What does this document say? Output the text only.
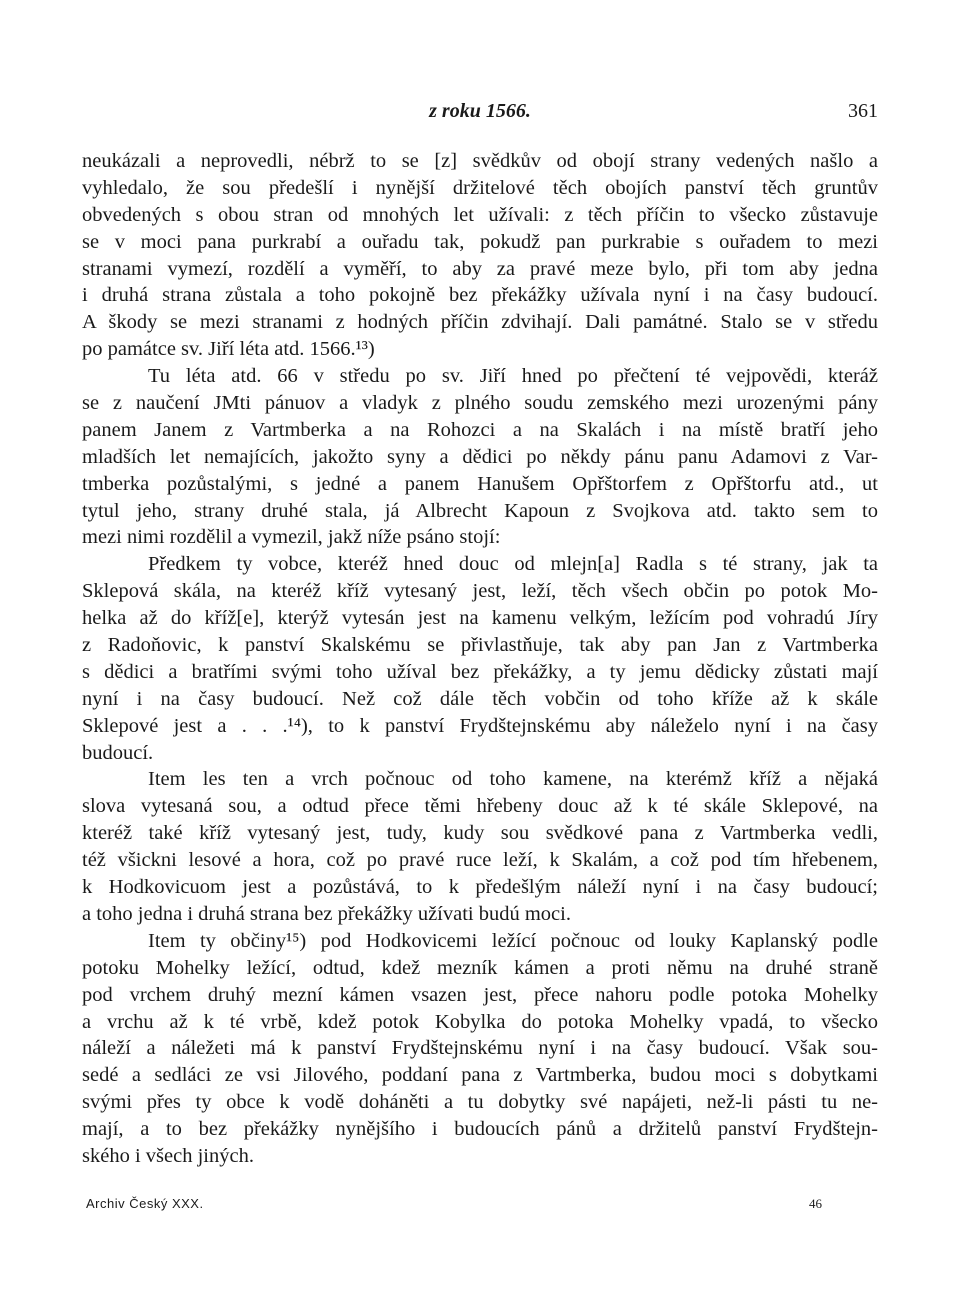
z roku 1566.	361
neukázali a neprovedli, nébrž to se [z] svědkův od obojí strany vedených našlo a
vyhledalo, že sou předešlí i nynější držitelové těch obojích panství těch gruntův
obvedených s obou stran od mnohých let užívali: z těch příčin to všecko zůstavuje
se v moci pana purkrabí a ouřadu tak, pokudž pan purkrabie s ouřadem to mezi
stranami vymezí, rozdělí a vyměří, to aby za pravé meze bylo, při tom aby jedna
i druhá strana zůstala a toho pokojně bez překážky užívala nyní i na časy budoucí.
A škody se mezi stranami z hodných příčin zdvihají. Dali památné. Stalo se v středu
po památce sv. Jiří léta atd. 1566.¹³)
Tu léta atd. 66 v středu po sv. Jiří hned po přečtení té vejpovědi, kteráž
se z naučení JMti pánuov a vladyk z plného soudu zemského mezi urozenými pány
panem Janem z Vartmberka a na Rohozci a na Skalách i na místě bratří jeho
mladších let nemajících, jakožto syny a dědici po někdy pánu panu Adamovi z Var-
tmberka pozůstalými, s jedné a panem Hanušem Opřštorfem z Opřštorfu atd., ut
tytul jeho, strany druhé stala, já Albrecht Kapoun z Svojkova atd. takto sem to
mezi nimi rozdělil a vymezil, jakž níže psáno stojí:
Předkem ty vobce, kteréž hned douc od mlejn[a] Radla s té strany, jak ta
Sklepová skála, na kteréž kříž vytesaný jest, leží, těch všech občin po potok Mo-
helka až do kříž[e], kterýž vytesán jest na kamenu velkým, ležícím pod vohradú Jíry
z Radoňovic, k panství Skalskému se přivlastňuje, tak aby pan Jan z Vartmberka
s dědici a bratřími svými toho užíval bez překážky, a ty jemu dědicky zůstati mají
nyní i na časy budoucí. Než což dále těch vobčin od toho kříže až k skále
Sklepové jest a . . .¹⁴), to k panství Frydštejnskému aby náleželo nyní i na časy
budoucí.
Item les ten a vrch počnouc od toho kamene, na kterémž kříž a nějaká
slova vytesaná sou, a odtud přece těmi hřebeny douc až k té skále Sklepové, na
kteréž také kříž vytesaný jest, tudy, kudy sou svědkové pana z Vartmberka vedli,
též všickni lesové a hora, což po pravé ruce leží, k Skalám, a což pod tím hřebenem,
k Hodkovicuom jest a pozůstává, to k předešlým náleží nyní i na časy budoucí;
a toho jedna i druhá strana bez překážky užívati budú moci.
Item ty občiny¹⁵) pod Hodkovicemi ležící počnouc od louky Kaplanský podle
potoku Mohelky ležící, odtud, kdež mezník kámen a proti němu na druhé straně
pod vrchem druhý mezní kámen vsazen jest, přece nahoru podle potoka Mohelky
a vrchu až k té vrbě, kdež potok Kobylka do potoka Mohelky vpadá, to všecko
náleží a náležeti má k panství Frydštejnskému nyní i na časy budoucí. Však sou-
sedé a sedláci ze vsi Jilového, poddaní pana z Vartmberka, budou moci s dobytkami
svými přes ty obce k vodě doháněti a tu dobytky své napájeti, než-li pásti tu ne-
mají, a to bez překážky nynějšího i budoucích pánů a držitelů panství Frydštejn-
ského i všech jiných.
Archiv Český XXX.	46
